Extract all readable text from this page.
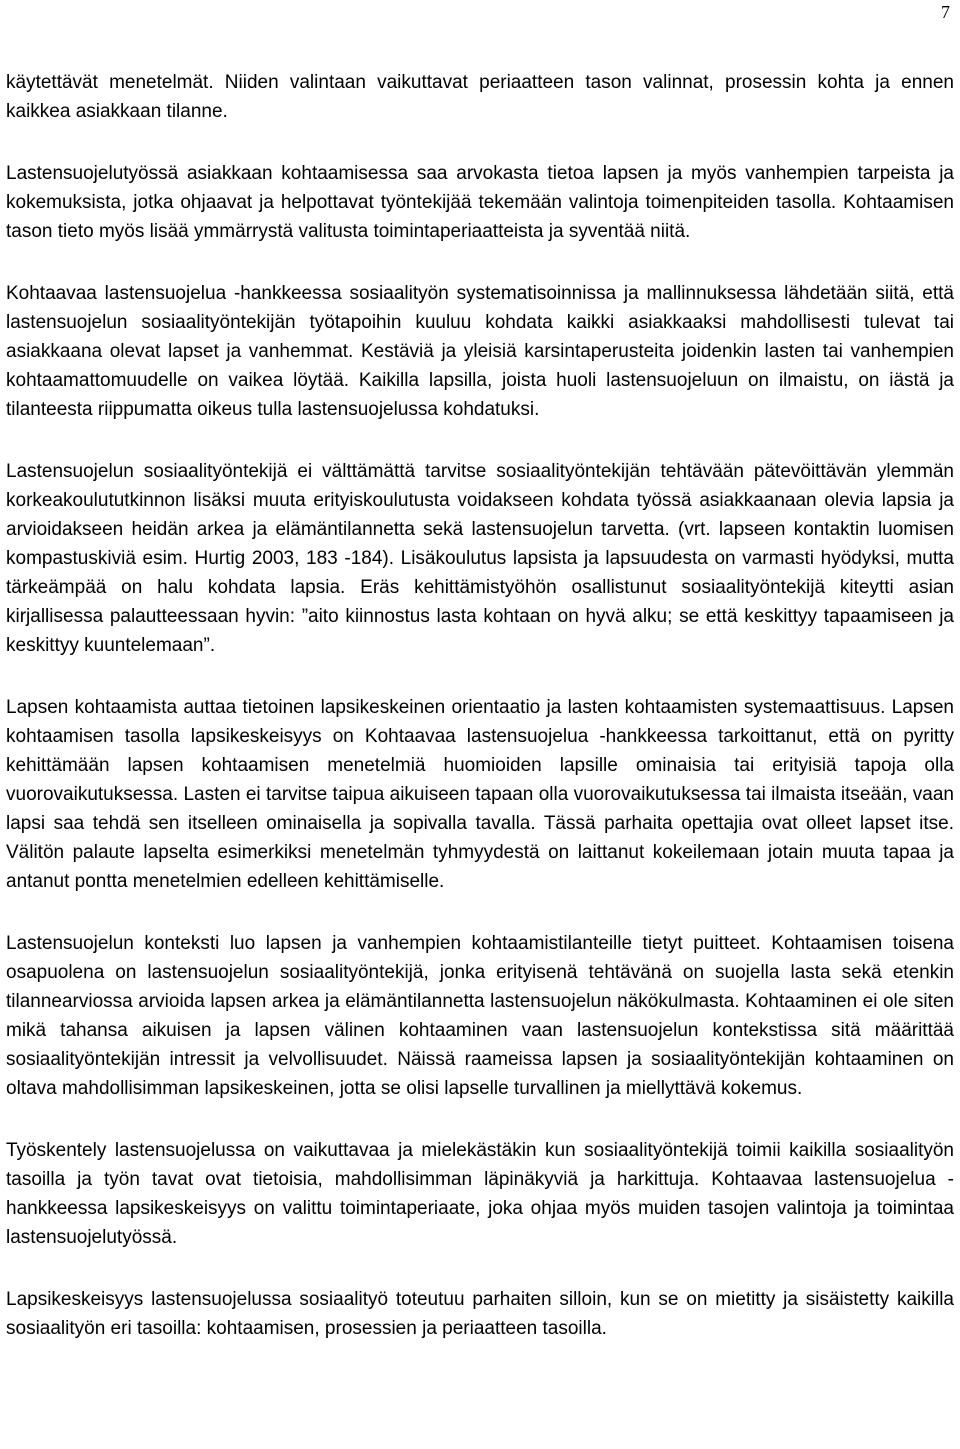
7

käytettävät menetelmät. Niiden valintaan vaikuttavat periaatteen tason valinnat, prosessin kohta ja ennen kaikkea asiakkaan tilanne.

Lastensuojelutyössä asiakkaan kohtaamisessa saa arvokasta tietoa lapsen ja myös vanhempien tarpeista ja kokemuksista, jotka ohjaavat ja helpottavat työntekijää tekemään valintoja toimenpiteiden tasolla. Kohtaamisen tason tieto myös lisää ymmärrystä valitusta toimintaperiaatteista ja syventää niitä.

Kohtaavaa lastensuojelua -hankkeessa sosiaalityön systematisoinnissa ja mallinnuksessa lähdetään siitä, että lastensuojelun sosiaalityöntekijän työtapoihin kuuluu kohdata kaikki asiakkaaksi mahdollisesti tulevat tai asiakkaana olevat lapset ja vanhemmat. Kestäviä ja yleisiä karsintaperusteita joidenkin lasten tai vanhempien kohtaamattomuudelle on vaikea löytää. Kaikilla lapsilla, joista huoli lastensuojeluun on ilmaistu, on iästä ja tilanteesta riippumatta oikeus tulla lastensuojelussa kohdatuksi.

Lastensuojelun sosiaalityöntekijä ei välttämättä tarvitse sosiaalityöntekijän tehtävään pätevöittävän ylemmän korkeakoulututkinnon lisäksi muuta erityiskoulutusta voidakseen kohdata työssä asiakkaanaan olevia lapsia ja arvioidakseen heidän arkea ja elämäntilannetta sekä lastensuojelun tarvetta. (vrt. lapseen kontaktin luomisen kompastuskiviä esim. Hurtig 2003, 183 -184). Lisäkoulutus lapsista ja lapsuudesta on varmasti hyödyksi, mutta tärkeämpää on halu kohdata lapsia. Eräs kehittämistyöhön osallistunut sosiaalityöntekijä kiteytti asian kirjallisessa palautteessaan hyvin: ”aito kiinnostus lasta kohtaan on hyvä alku; se että keskittyy tapaamiseen ja keskittyy kuuntelemaan”.

Lapsen kohtaamista auttaa tietoinen lapsikeskeinen orientaatio ja lasten kohtaamisten systemaattisuus. Lapsen kohtaamisen tasolla lapsikeskeisyys on Kohtaavaa lastensuojelua -hankkeessa tarkoittanut, että on pyritty kehittämään lapsen kohtaamisen menetelmiä huomioiden lapsille ominaisia tai erityisiä tapoja olla vuorovaikutuksessa. Lasten ei tarvitse taipua aikuiseen tapaan olla vuorovaikutuksessa tai ilmaista itseään, vaan lapsi saa tehdä sen itselleen ominaisella ja sopivalla tavalla. Tässä parhaita opettajia ovat olleet lapset itse. Välitön palaute lapselta esimerkiksi menetelmän tyhmyydestä on laittanut kokeilemaan jotain muuta tapaa ja antanut pontta menetelmien edelleen kehittämiselle.

Lastensuojelun konteksti luo lapsen ja vanhempien kohtaamistilanteille tietyt puitteet. Kohtaamisen toisena osapuolena on lastensuojelun sosiaalityöntekijä, jonka erityisenä tehtävänä on suojella lasta sekä etenkin tilannearviossa arvioida lapsen arkea ja elämäntilannetta lastensuojelun näkökulmasta. Kohtaaminen ei ole siten mikä tahansa aikuisen ja lapsen välinen kohtaaminen vaan lastensuojelun kontekstissa sitä määrittää sosiaalityöntekijän intressit ja velvollisuudet. Näissä raameissa lapsen ja sosiaalityöntekijän kohtaaminen on oltava mahdollisimman lapsikeskeinen, jotta se olisi lapselle turvallinen ja miellyttävä kokemus.

Työskentely lastensuojelussa on vaikuttavaa ja mielekästäkin kun sosiaalityöntekijä toimii kaikilla sosiaalityön tasoilla ja työn tavat ovat tietoisia, mahdollisimman läpinäkyviä ja harkittuja. Kohtaavaa lastensuojelua -hankkeessa lapsikeskeisyys on valittu toimintaperiaate, joka ohjaa myös muiden tasojen valintoja ja toimintaa lastensuojelutyössä.

Lapsikeskeisyys lastensuojelussa sosiaalityö toteutuu parhaiten silloin, kun se on mietitty ja sisäistetty kaikilla sosiaalityön eri tasoilla: kohtaamisen, prosessien ja periaatteen tasoilla.
